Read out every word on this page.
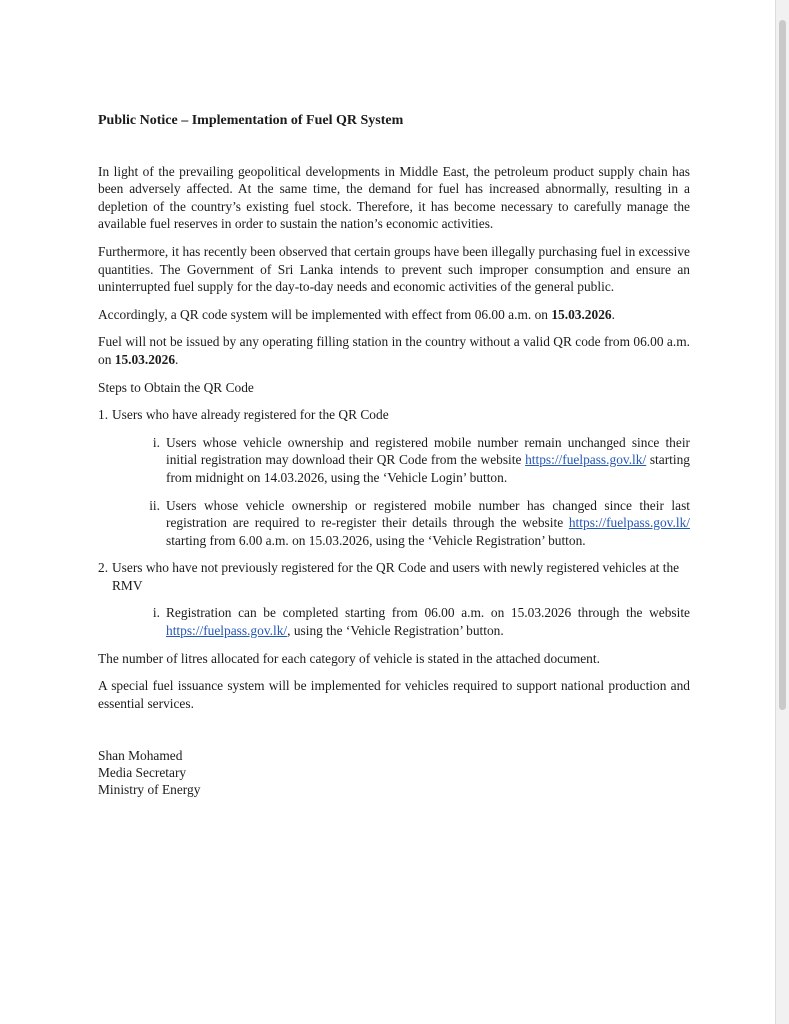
Public Notice – Implementation of Fuel QR System

In light of the prevailing geopolitical developments in Middle East, the petroleum product supply chain has been adversely affected. At the same time, the demand for fuel has increased abnormally, resulting in a depletion of the country’s existing fuel stock. Therefore, it has become necessary to carefully manage the available fuel reserves in order to sustain the nation’s economic activities.

Furthermore, it has recently been observed that certain groups have been illegally purchasing fuel in excessive quantities. The Government of Sri Lanka intends to prevent such improper consumption and ensure an uninterrupted fuel supply for the day-to-day needs and economic activities of the general public.

Accordingly, a QR code system will be implemented with effect from 06.00 a.m. on 15.03.2026.

Fuel will not be issued by any operating filling station in the country without a valid QR code from 06.00 a.m. on 15.03.2026.

Steps to Obtain the QR Code

1. Users who have already registered for the QR Code
i. Users whose vehicle ownership and registered mobile number remain unchanged since their initial registration may download their QR Code from the website https://fuelpass.gov.lk/ starting from midnight on 14.03.2026, using the ‘Vehicle Login’ button.
ii. Users whose vehicle ownership or registered mobile number has changed since their last registration are required to re-register their details through the website https://fuelpass.gov.lk/ starting from 6.00 a.m. on 15.03.2026, using the ‘Vehicle Registration’ button.
2. Users who have not previously registered for the QR Code and users with newly registered vehicles at the RMV
i. Registration can be completed starting from 06.00 a.m. on 15.03.2026 through the website https://fuelpass.gov.lk/, using the ‘Vehicle Registration’ button.

The number of litres allocated for each category of vehicle is stated in the attached document.

A special fuel issuance system will be implemented for vehicles required to support national production and essential services.

Shan Mohamed
Media Secretary
Ministry of Energy
